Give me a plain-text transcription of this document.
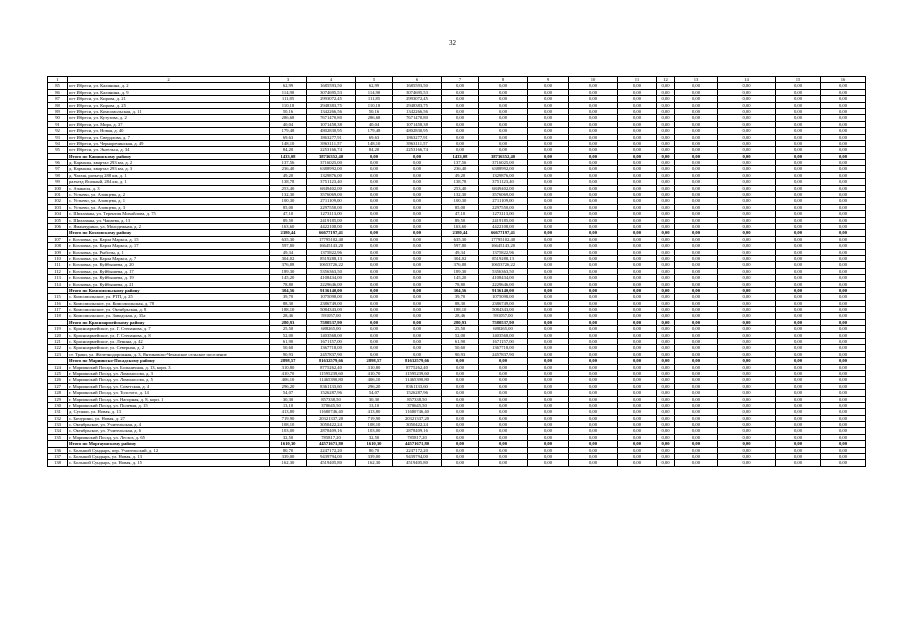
32
1	2	3	4	5	6	7	8	9	10	11	12	13	14	15	16
85	пгт Ибреси, ул. Калинина, д. 2	62,99	1685593,50	62,99	1685593,50	0,00	0,00	0,00	0,00	0,00	0,00	0,00	0,00	0,00	0,00
86	пгт Ибреси, ул. Калинина, д. 9	114,90	3074695,53	114,90	3074695,53	0,00	0,00	0,00	0,00	0,00	0,00	0,00	0,00	0,00	0,00
87	пгт Ибреси, ул. Кирова, д. 21	111,85	2993072,45	111,85	2993072,45	0,00	0,00	0,00	0,00	0,00	0,00	0,00	0,00	0,00	0,00
88	пгт Ибреси, ул. Кирова, д. 25	110,18	2948383,75	110,18	2948383,75	0,00	0,00	0,00	0,00	0,00	0,00	0,00	0,00	0,00	0,00
89	пгт Ибреси, ул. Комсомольская, д. 11	50,16	1342266,56	50,16	1342266,56	0,00	0,00	0,00	0,00	0,00	0,00	0,00	0,00	0,00	0,00
90	пгт Ибреси, ул. Кутузова, д. 2	286,68	7671470,80	286,68	7671470,80	0,00	0,00	0,00	0,00	0,00	0,00	0,00	0,00	0,00	0,00
91	пгт Ибреси, ул. Мира, д. 37	40,04	1071458,38	40,04	1071458,38	0,00	0,00	0,00	0,00	0,00	0,00	0,00	0,00	0,00	0,00
92	пгт Ибреси, ул. Новая, д. 40	179,48	4802830,95	179,48	4802830,95	0,00	0,00	0,00	0,00	0,00	0,00	0,00	0,00	0,00	0,00
93	пгт Ибреси, ул. Свердлова, д. 7	69,63	1863277,91	69,63	1863277,91	0,00	0,00	0,00	0,00	0,00	0,00	0,00	0,00	0,00	0,00
94	пгт Ибреси, ул. Черноречинская, д. 49	148,10	3963111,57	148,10	3963111,57	0,00	0,00	0,00	0,00	0,00	0,00	0,00	0,00	0,00	0,00
95	пгт Ибреси, ул. Энгельса, д. 34	84,20	2253166,74	84,20	2253166,74	0,00	0,00	0,00	0,00	0,00	0,00	0,00	0,00	0,00	0,00
	Итого по Канашскому району	1433,08	38736352,40	0,00	0,00	1433,08	38736352,40	0,00	0,00	0,00	0,00	0,00	0,00	0,00	0,00
96	д. Кармалы, квартал 293 км, д. 2	137,56	3716025,00	0,00	0,00	137,56	3716025,00	0,00	0,00	0,00	0,00	0,00	0,00	0,00	0,00
97	д. Кармалы, квартал 293 км, д. 3	236,40	6388992,00	0,00	0,00	236,40	6388992,00	0,00	0,00	0,00	0,00	0,00	0,00	0,00	0,00
98	д. Чагаш, разъезд 288 км, д. 1	49,20	1329876,00	0,00	0,00	49,20	1329876,00	0,00	0,00	0,00	0,00	0,00	0,00	0,00	0,00
99	разъезд Ясачный, 284 км, д. 1	138,78	3751123,40	0,00	0,00	138,78	3751123,40	0,00	0,00	0,00	0,00	0,00	0,00	0,00	0,00
100	с. Ачакасы, д. 3	253,40	6849402,00	0,00	0,00	253,40	6849402,00	0,00	0,00	0,00	0,00	0,00	0,00	0,00	0,00
101	с. Устьево, ул. Азовцева, д. 2	132,30	3576069,00	0,00	0,00	132,30	3576069,00	0,00	0,00	0,00	0,00	0,00	0,00	0,00	0,00
102	с. Устьево, ул. Азовцева, д. 1	100,30	2711109,00	0,00	0,00	100,30	2711109,00	0,00	0,00	0,00	0,00	0,00	0,00	0,00	0,00
103	с. Устьево, ул. Азовцева, д. 3	85,00	2297550,00	0,00	0,00	85,00	2297550,00	0,00	0,00	0,00	0,00	0,00	0,00	0,00	0,00
104	с. Шихазаны, ул. Терентия Михайлова, д. 75	47,10	1273113,00	0,00	0,00	47,10	1273113,00	0,00	0,00	0,00	0,00	0,00	0,00	0,00	0,00
105	с. Шихазаны, ул. Чапаева, д. 13	89,50	2419185,00	0,00	0,00	89,50	2419185,00	0,00	0,00	0,00	0,00	0,00	0,00	0,00	0,00
106	с. Яманчурино, ул. Молодежная, д. 2	163,60	4422108,00	0,00	0,00	163,60	4422108,00	0,00	0,00	0,00	0,00	0,00	0,00	0,00	0,00
	Итого по Козловскому району	2380,44	66677197,41	0,00	0,00	2380,44	66677197,41	0,00	0,00	0,00	0,00	0,00	0,00	0,00	0,00
107	г. Козловка, ул. Карла Маркса, д. 15	635,30	17795102,40	0,00	0,00	635,30	17795102,40	0,00	0,00	0,00	0,00	0,00	0,00	0,00	0,00
108	г. Козловка, ул. Карла Маркса, д. 17	597,80	16645143,20	0,00	0,00	597,80	16645143,20	0,00	0,00	0,00	0,00	0,00	0,00	0,00	0,00
109	г. Козловка, ул. Рыбозы, д. 1	49,34	1375822,96	0,00	0,00	49,34	1375822,96	0,00	0,00	0,00	0,00	0,00	0,00	0,00	0,00
110	г. Козловка, ул. Карла Маркса, д. 7	304,02	8519288,13	0,00	0,00	304,02	8519288,13	0,00	0,00	0,00	0,00	0,00	0,00	0,00	0,00
111	г. Козловка, ул. Куйбышева, д. 20	376,88	10653726,22	0,00	0,00	376,88	10653726,22	0,00	0,00	0,00	0,00	0,00	0,00	0,00	0,00
112	г. Козловка, ул. Куйбышева, д. 17	189,30	5356363,50	0,00	0,00	189,30	5356363,50	0,00	0,00	0,00	0,00	0,00	0,00	0,00	0,00
113	г. Козловка, ул. Куйбышева, д. 19	145,20	4108434,00	0,00	0,00	145,20	4108434,00	0,00	0,00	0,00	0,00	0,00	0,00	0,00	0,00
114	г. Козловка, ул. Куйбышева, д. 21	78,80	2229646,00	0,00	0,00	78,80	2229646,00	0,00	0,00	0,00	0,00	0,00	0,00	0,00	0,00
	Итого по Комсомольскому району	304,56	9136140,00	0,00	0,00	304,56	9136140,00	0,00	0,00	0,00	0,00	0,00	0,00	0,00	0,00
115	с. Комсомольское, ул. РТП, д. 25	39,70	1075098,00	0,00	0,00	39,70	1075098,00	0,00	0,00	0,00	0,00	0,00	0,00	0,00	0,00
116	с. Комсомольское, ул. Комсомольская, д. 78	88,30	2386749,00	0,00	0,00	88,30	2386749,00	0,00	0,00	0,00	0,00	0,00	0,00	0,00	0,00
117	с. Комсомольское, ул. Октябрьская, д. 8	188,10	5084343,00	0,00	0,00	188,10	5084343,00	0,00	0,00	0,00	0,00	0,00	0,00	0,00	0,00
118	с. Комсомольское, ул. Заводская, д. 35а	28,46	591057,00	0,00	0,00	28,46	591057,00	0,00	0,00	0,00	0,00	0,00	0,00	0,00	0,00
	Итого по Красноармейскому району	280,93	7580537,90	0,00	0,00	280,93	7580537,90	0,00	0,00	0,00	0,00	0,00	0,00	0,00	0,00
119	с. Красноармейское, ул. Г. Степанова, д. 7	25,50	688265,00	0,00	0,00	25,50	688265,00	0,00	0,00	0,00	0,00	0,00	0,00	0,00	0,00
120	с. Красноармейское, ул. Г. Степанова, д. 8	52,00	1403568,00	0,00	0,00	52,00	1403568,00	0,00	0,00	0,00	0,00	0,00	0,00	0,00	0,00
121	с. Красноармейское, ул. Ленина, д. 42	61,90	1671157,00	0,00	0,00	61,90	1671157,00	0,00	0,00	0,00	0,00	0,00	0,00	0,00	0,00
122	с. Красноармейское, ул. Северная, д. 2	50,60	1367718,00	0,00	0,00	50,60	1367718,00	0,00	0,00	0,00	0,00	0,00	0,00	0,00	0,00
123	ст. Траки, ул. Железнодорожная, д. 3, Янтиковско-Чеханское сельское поселение	90,93	2457837,90	0,00	0,00	90,93	2457837,90	0,00	0,00	0,00	0,00	0,00	0,00	0,00	0,00
	Итого по Мариинско-Посадскому району	2898,57	81632579,66	2898,57	81632579,66	0,00	0,00	0,00	0,00	0,00	0,00	0,00	0,00	0,00	0,00
124	г. Мариинский Посад, ул. Больничная, д. 13, корп. 3	310,80	8775262,40	310,80	8775262,40	0,00	0,00	0,00	0,00	0,00	0,00	0,00	0,00	0,00	0,00
125	г. Мариинский Посад, ул. Ломоносова, д. 3	410,70	11595239,60	410,70	11595239,60	0,00	0,00	0,00	0,00	0,00	0,00	0,00	0,00	0,00	0,00
126	г. Мариинский Посад, ул. Ломоносова, д. 5	406,10	11465390,80	406,10	11465390,80	0,00	0,00	0,00	0,00	0,00	0,00	0,00	0,00	0,00	0,00
127	г. Мариинский Посад, ул. Советская, д. 4	296,20	8361133,60	296,20	8361133,60	0,00	0,00	0,00	0,00	0,00	0,00	0,00	0,00	0,00	0,00
128	г. Мариинский Посад, ул. Толстого, д. 14	54,07	1526287,96	54,07	1526287,96	0,00	0,00	0,00	0,00	0,00	0,00	0,00	0,00	0,00	0,00
129	г. Мариинский Посад, ул. Нагорная, д. 8, корп. 1	30,30	857338,50	30,30	857338,50	0,00	0,00	0,00	0,00	0,00	0,00	0,00	0,00	0,00	0,00
130	г. Мариинский Посад, ул. Полевая, д. 15	13,10	370645,50	13,10	370645,50	0,00	0,00	0,00	0,00	0,00	0,00	0,00	0,00	0,00	0,00
131	д. Сутяжи, ул. Новая, д. 13	413,80	11680746,40	413,80	11680746,40	0,00	0,00	0,00	0,00	0,00	0,00	0,00	0,00	0,00	0,00
132	с. Бичурино, ул. Новая, д. 27	719,90	20321337,20	719,90	20321337,20	0,00	0,00	0,00	0,00	0,00	0,00	0,00	0,00	0,00	0,00
133	с. Октябрьское, ул. Учительская, д. 4	108,10	3050422,24	108,10	3050422,24	0,00	0,00	0,00	0,00	0,00	0,00	0,00	0,00	0,00	0,00
134	с. Октябрьское, ул. Учительская, д. 6	103,00	2878409,16	103,00	2878409,16	0,00	0,00	0,00	0,00	0,00	0,00	0,00	0,00	0,00	0,00
135	г. Мариинский Посад, ул. Лесхоз, д. 65	32,50	785817,20	32,50	785817,20	0,00	0,00	0,00	0,00	0,00	0,00	0,00	0,00	0,00	0,00
	Итого по Моргаушскому району	1610,30	44571671,80	1610,30	44571671,80	0,00	0,00	0,00	0,00	0,00	0,00	0,00	0,00	0,00	0,00
136	с. Большой Сундырь, пер. Учительский, д. 12	80,70	2247172,20	80,70	2247172,20	0,00	0,00	0,00	0,00	0,00	0,00	0,00	0,00	0,00	0,00
137	с. Большой Сундырь, ул. Новая, д. 13	339,00	9439794,00	339,00	9439794,00	0,00	0,00	0,00	0,00	0,00	0,00	0,00	0,00	0,00	0,00
138	с. Большой Сундырь, ул. Новая, д. 15	162,30	4519405,80	162,30	4519405,80	0,00	0,00	0,00	0,00	0,00	0,00	0,00	0,00	0,00	0,00
